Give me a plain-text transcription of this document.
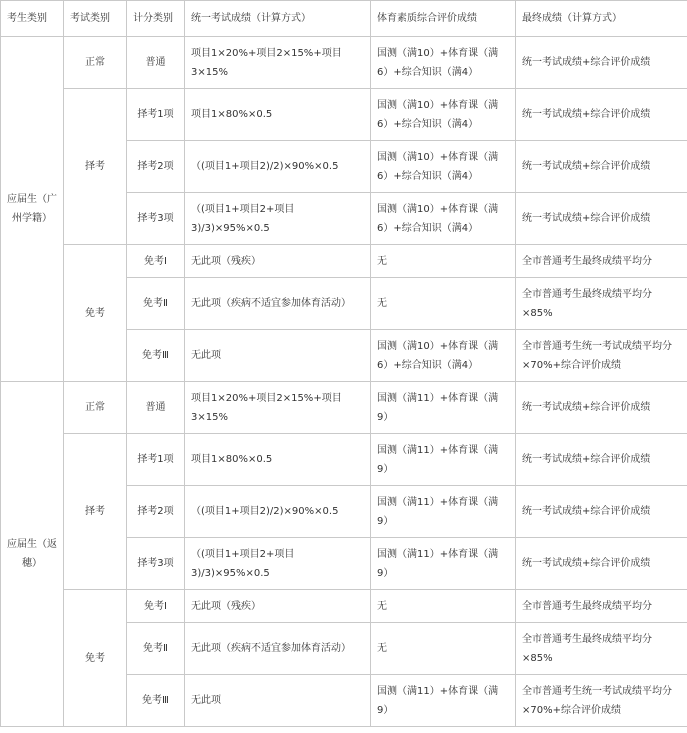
考生类别	考试类别	计分类别	统一考试成绩（计算方式）	体育素质综合评价成绩	最终成绩（计算方式）
应届生（广州学籍）	正常	普通	项目1×20%+项目2×15%+项目3×15%	国测（满10）+体育课（满6）+综合知识（满4）	统一考试成绩+综合评价成绩
	择考	择考1项	项目1×80%×0.5	国测（满10）+体育课（满6）+综合知识（满4）	统一考试成绩+综合评价成绩
		择考2项	（(项目1+项目2)/2)×90%×0.5	国测（满10）+体育课（满6）+综合知识（满4）	统一考试成绩+综合评价成绩
		择考3项	（(项目1+项目2+项目3)/3)×95%×0.5	国测（满10）+体育课（满6）+综合知识（满4）	统一考试成绩+综合评价成绩
	免考	免考Ⅰ	无此项（残疾）	无	全市普通考生最终成绩平均分
		免考Ⅱ	无此项（疾病不适宜参加体育活动）	无	全市普通考生最终成绩平均分×85%
		免考Ⅲ	无此项	国测（满10）+体育课（满6）+综合知识（满4）	全市普通考生统一考试成绩平均分×70%+综合评价成绩
应届生（返穗）	正常	普通	项目1×20%+项目2×15%+项目3×15%	国测（满11）+体育课（满9）	统一考试成绩+综合评价成绩
	择考	择考1项	项目1×80%×0.5	国测（满11）+体育课（满9）	统一考试成绩+综合评价成绩
		择考2项	（(项目1+项目2)/2)×90%×0.5	国测（满11）+体育课（满9）	统一考试成绩+综合评价成绩
		择考3项	（(项目1+项目2+项目3)/3)×95%×0.5	国测（满11）+体育课（满9）	统一考试成绩+综合评价成绩
	免考	免考Ⅰ	无此项（残疾）	无	全市普通考生最终成绩平均分
		免考Ⅱ	无此项（疾病不适宜参加体育活动）	无	全市普通考生最终成绩平均分×85%
		免考Ⅲ	无此项	国测（满11）+体育课（满9）	全市普通考生统一考试成绩平均分×70%+综合评价成绩
